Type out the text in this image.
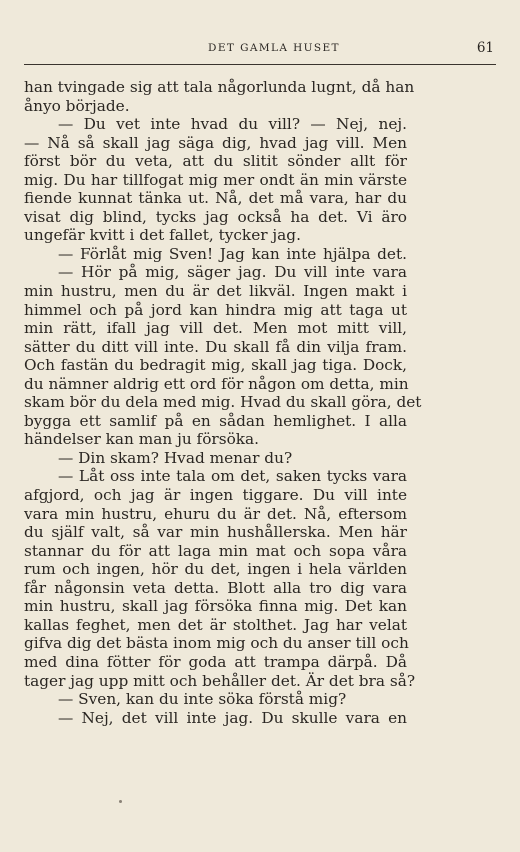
DET GAMLA HUSET	61
han tvingade sig att tala någorlunda lugnt, då han
ånyo började.
— Du vet inte hvad du vill? — Nej, nej.
— Nå så skall jag säga dig, hvad jag vill. Men
först bör du veta, att du slitit sönder allt för
mig. Du har tillfogat mig mer ondt än min värste
fiende kunnat tänka ut. Nå, det må vara, har du
visat dig blind, tycks jag också ha det. Vi äro
ungefär kvitt i det fallet, tycker jag.
— Förlåt mig Sven! Jag kan inte hjälpa det.
— Hör på mig, säger jag. Du vill inte vara
min hustru, men du är det likväl. Ingen makt i
himmel och på jord kan hindra mig att taga ut
min rätt, ifall jag vill det. Men mot mitt vill,
sätter du ditt vill inte. Du skall få din vilja fram.
Och fastän du bedragit mig, skall jag tiga. Dock,
du nämner aldrig ett ord för någon om detta, min
skam bör du dela med mig. Hvad du skall göra, det
bygga ett samlif på en sådan hemlighet. I alla
händelser kan man ju försöka.
— Din skam? Hvad menar du?
— Låt oss inte tala om det, saken tycks vara
afgjord, och jag är ingen tiggare. Du vill inte
vara min hustru, ehuru du är det. Nå, eftersom
du själf valt, så var min hushållerska. Men här
stannar du för att laga min mat och sopa våra
rum och ingen, hör du det, ingen i hela världen
får någonsin veta detta. Blott alla tro dig vara
min hustru, skall jag försöka finna mig. Det kan
kallas feghet, men det är stolthet. Jag har velat
gifva dig det bästa inom mig och du anser till och
med dina fötter för goda att trampa därpå. Då
tager jag upp mitt och behåller det. Är det bra så?
— Sven, kan du inte söka förstå mig?
— Nej, det vill inte jag. Du skulle vara en
